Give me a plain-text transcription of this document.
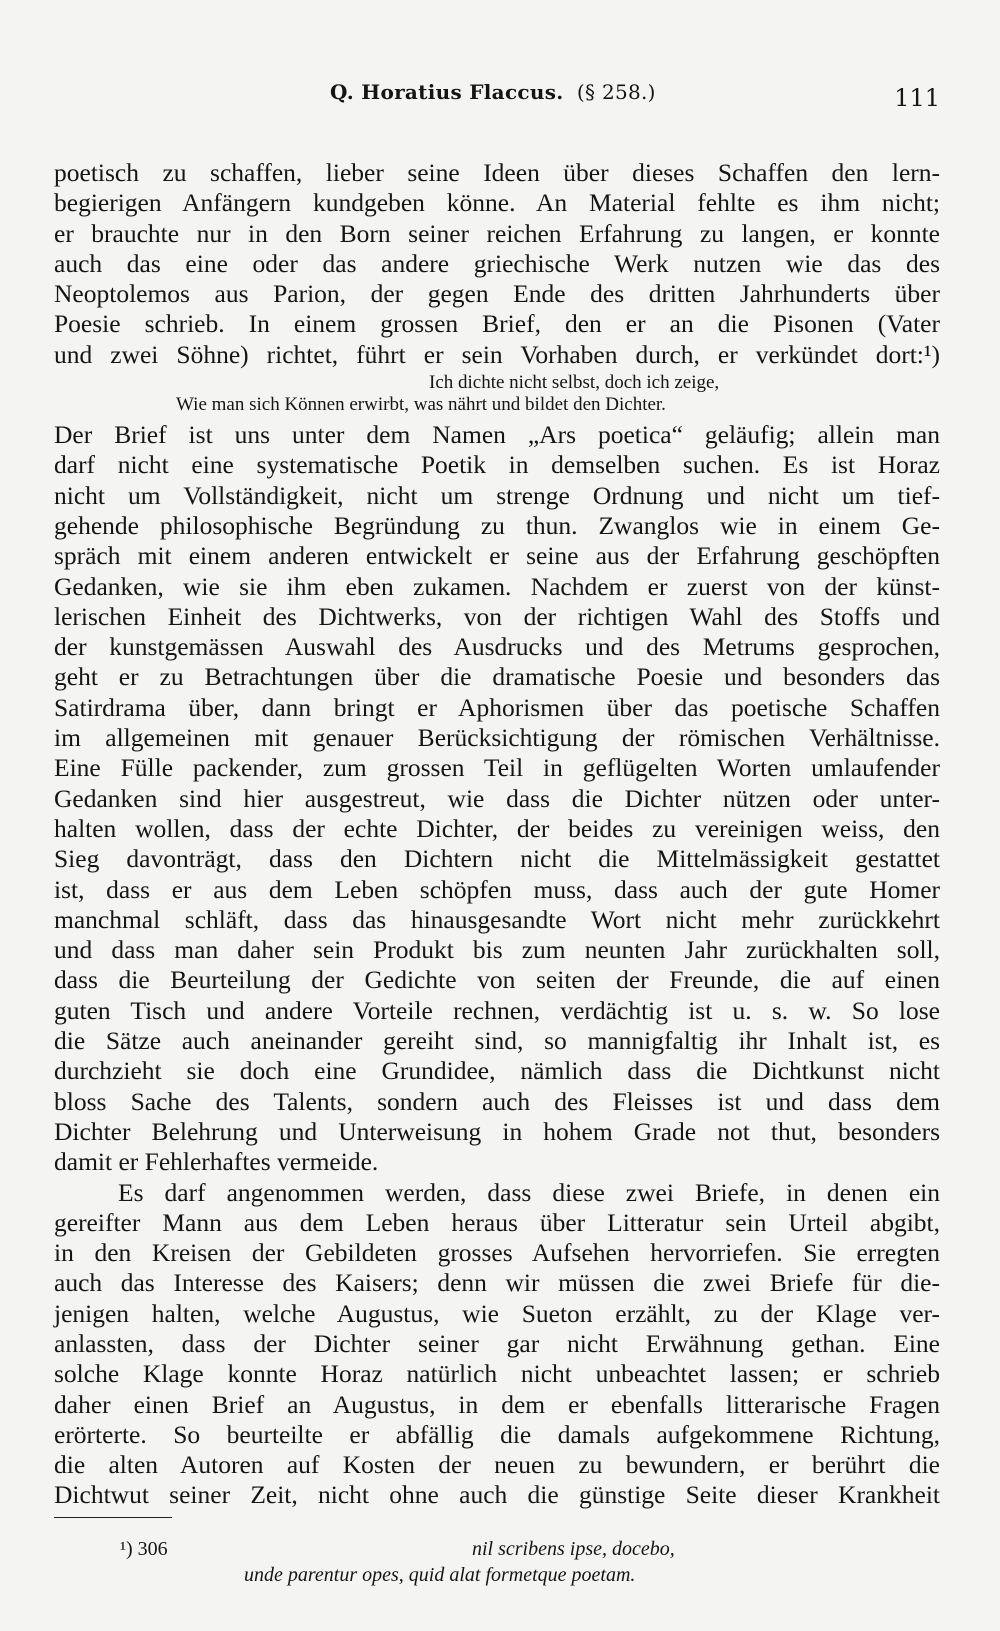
Q. Horatius Flaccus. (§ 258.)	111
poetisch zu schaffen, lieber seine Ideen über dieses Schaffen den lern-
begierigen Anfängern kundgeben könne. An Material fehlte es ihm nicht;
er brauchte nur in den Born seiner reichen Erfahrung zu langen, er konnte
auch das eine oder das andere griechische Werk nutzen wie das des
Neoptolemos aus Parion, der gegen Ende des dritten Jahrhunderts über
Poesie schrieb. In einem grossen Brief, den er an die Pisonen (Vater
und zwei Söhne) richtet, führt er sein Vorhaben durch, er verkündet dort:¹)
Ich dichte nicht selbst, doch ich zeige,
Wie man sich Können erwirbt, was nährt und bildet den Dichter.
Der Brief ist uns unter dem Namen „Ars poetica“ geläufig; allein man
darf nicht eine systematische Poetik in demselben suchen. Es ist Horaz
nicht um Vollständigkeit, nicht um strenge Ordnung und nicht um tief-
gehende philosophische Begründung zu thun. Zwanglos wie in einem Ge-
spräch mit einem anderen entwickelt er seine aus der Erfahrung geschöpften
Gedanken, wie sie ihm eben zukamen. Nachdem er zuerst von der künst-
lerischen Einheit des Dichtwerks, von der richtigen Wahl des Stoffs und
der kunstgemässen Auswahl des Ausdrucks und des Metrums gesprochen,
geht er zu Betrachtungen über die dramatische Poesie und besonders das
Satirdrama über, dann bringt er Aphorismen über das poetische Schaffen
im allgemeinen mit genauer Berücksichtigung der römischen Verhältnisse.
Eine Fülle packender, zum grossen Teil in geflügelten Worten umlaufender
Gedanken sind hier ausgestreut, wie dass die Dichter nützen oder unter-
halten wollen, dass der echte Dichter, der beides zu vereinigen weiss, den
Sieg davonträgt, dass den Dichtern nicht die Mittelmässigkeit gestattet
ist, dass er aus dem Leben schöpfen muss, dass auch der gute Homer
manchmal schläft, dass das hinausgesandte Wort nicht mehr zurückkehrt
und dass man daher sein Produkt bis zum neunten Jahr zurückhalten soll,
dass die Beurteilung der Gedichte von seiten der Freunde, die auf einen
guten Tisch und andere Vorteile rechnen, verdächtig ist u. s. w. So lose
die Sätze auch aneinander gereiht sind, so mannigfaltig ihr Inhalt ist, es
durchzieht sie doch eine Grundidee, nämlich dass die Dichtkunst nicht
bloss Sache des Talents, sondern auch des Fleisses ist und dass dem
Dichter Belehrung und Unterweisung in hohem Grade not thut, besonders
damit er Fehlerhaftes vermeide.
Es darf angenommen werden, dass diese zwei Briefe, in denen ein
gereifter Mann aus dem Leben heraus über Litteratur sein Urteil abgibt,
in den Kreisen der Gebildeten grosses Aufsehen hervorriefen. Sie erregten
auch das Interesse des Kaisers; denn wir müssen die zwei Briefe für die-
jenigen halten, welche Augustus, wie Sueton erzählt, zu der Klage ver-
anlassten, dass der Dichter seiner gar nicht Erwähnung gethan. Eine
solche Klage konnte Horaz natürlich nicht unbeachtet lassen; er schrieb
daher einen Brief an Augustus, in dem er ebenfalls litterarische Fragen
erörterte. So beurteilte er abfällig die damals aufgekommene Richtung,
die alten Autoren auf Kosten der neuen zu bewundern, er berührt die
Dichtwut seiner Zeit, nicht ohne auch die günstige Seite dieser Krankheit
¹) 306	nil scribens ipse, docebo,
unde parentur opes, quid alat formetque poetam.
